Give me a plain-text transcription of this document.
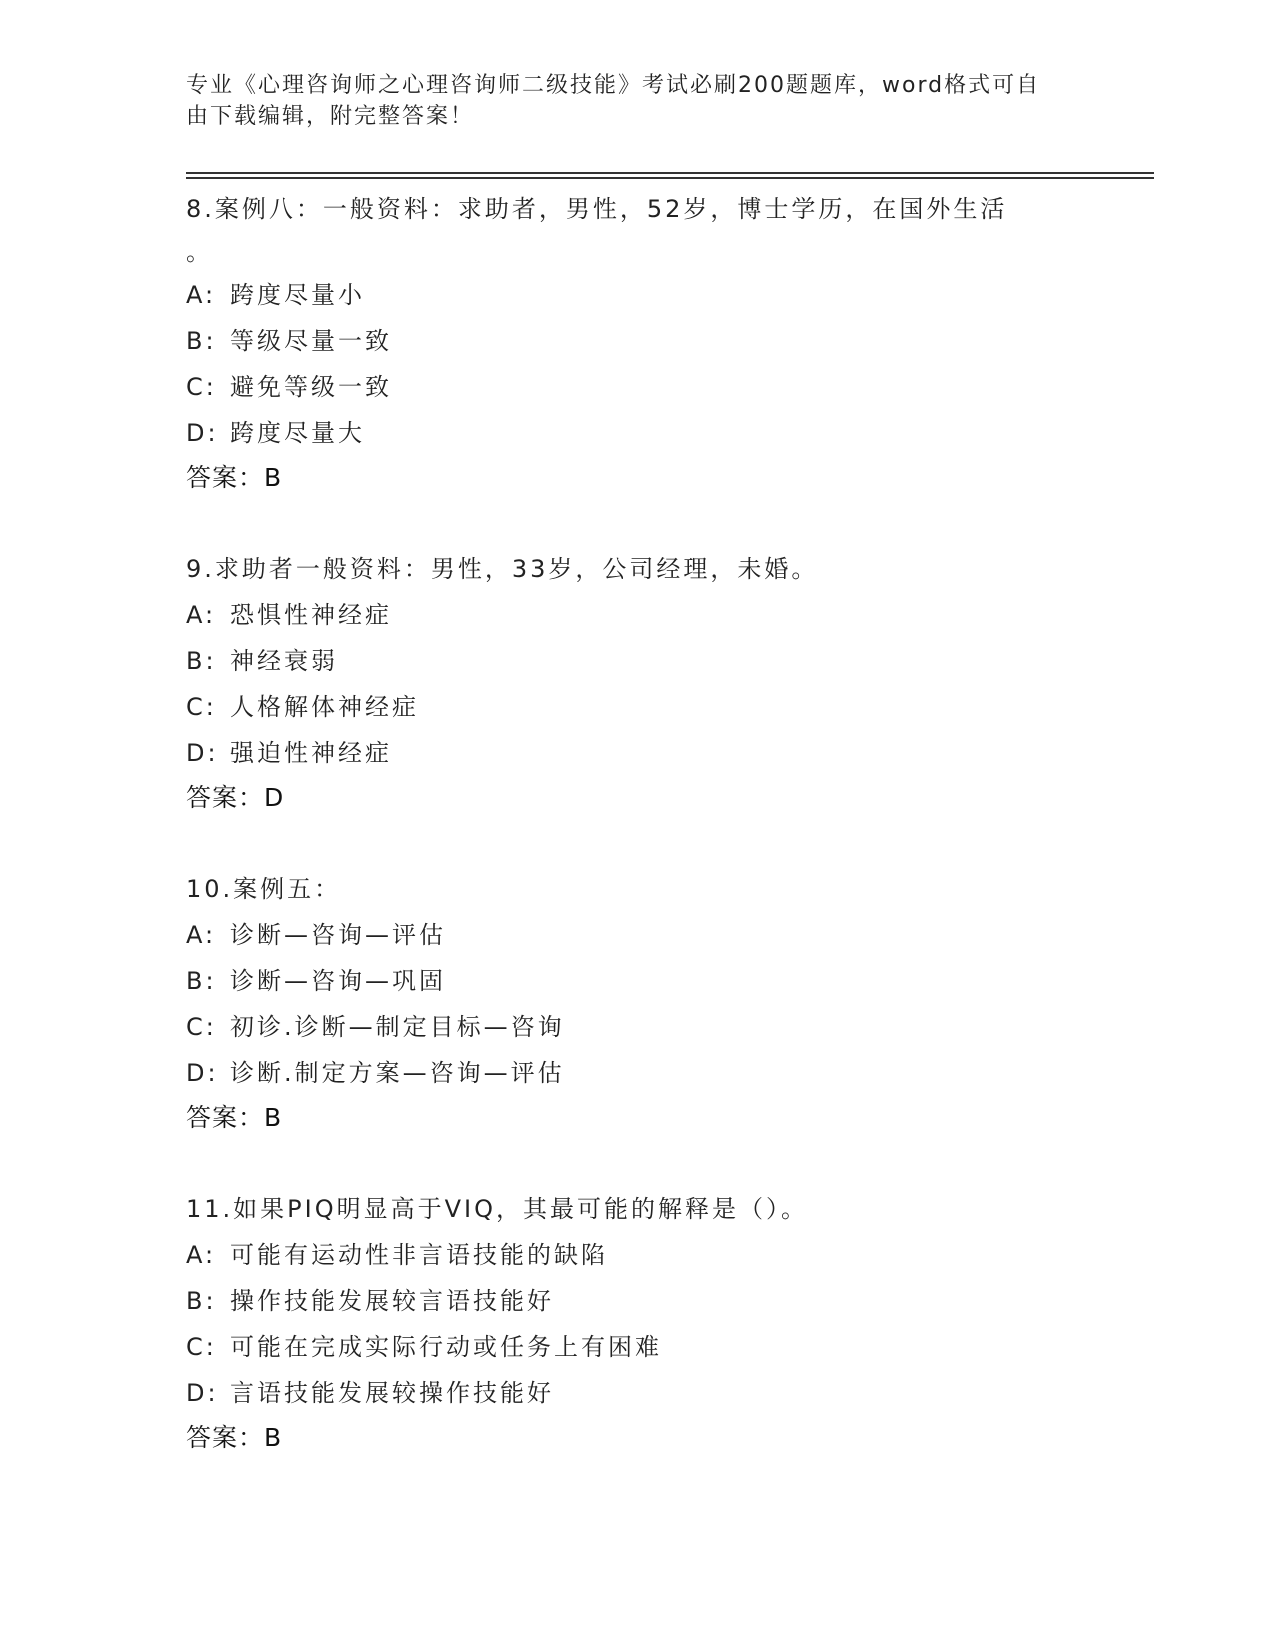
专业《心理咨询师之心理咨询师二级技能》考试必刷200题题库，word格式可自
由下载编辑，附完整答案！
8.案例八：一般资料：求助者，男性，52岁，博士学历，在国外生活
。
A: 跨度尽量小
B: 等级尽量一致
C: 避免等级一致
D: 跨度尽量大
答案：B
9.求助者一般资料：男性，33岁，公司经理，未婚。
A: 恐惧性神经症
B: 神经衰弱
C: 人格解体神经症
D: 强迫性神经症
答案：D
10.案例五：
A: 诊断—咨询—评估
B: 诊断—咨询—巩固
C: 初诊.诊断—制定目标—咨询
D: 诊断.制定方案—咨询—评估
答案：B
11.如果PIQ明显高于VIQ，其最可能的解释是（）。
A: 可能有运动性非言语技能的缺陷
B: 操作技能发展较言语技能好
C: 可能在完成实际行动或任务上有困难
D: 言语技能发展较操作技能好
答案：B
